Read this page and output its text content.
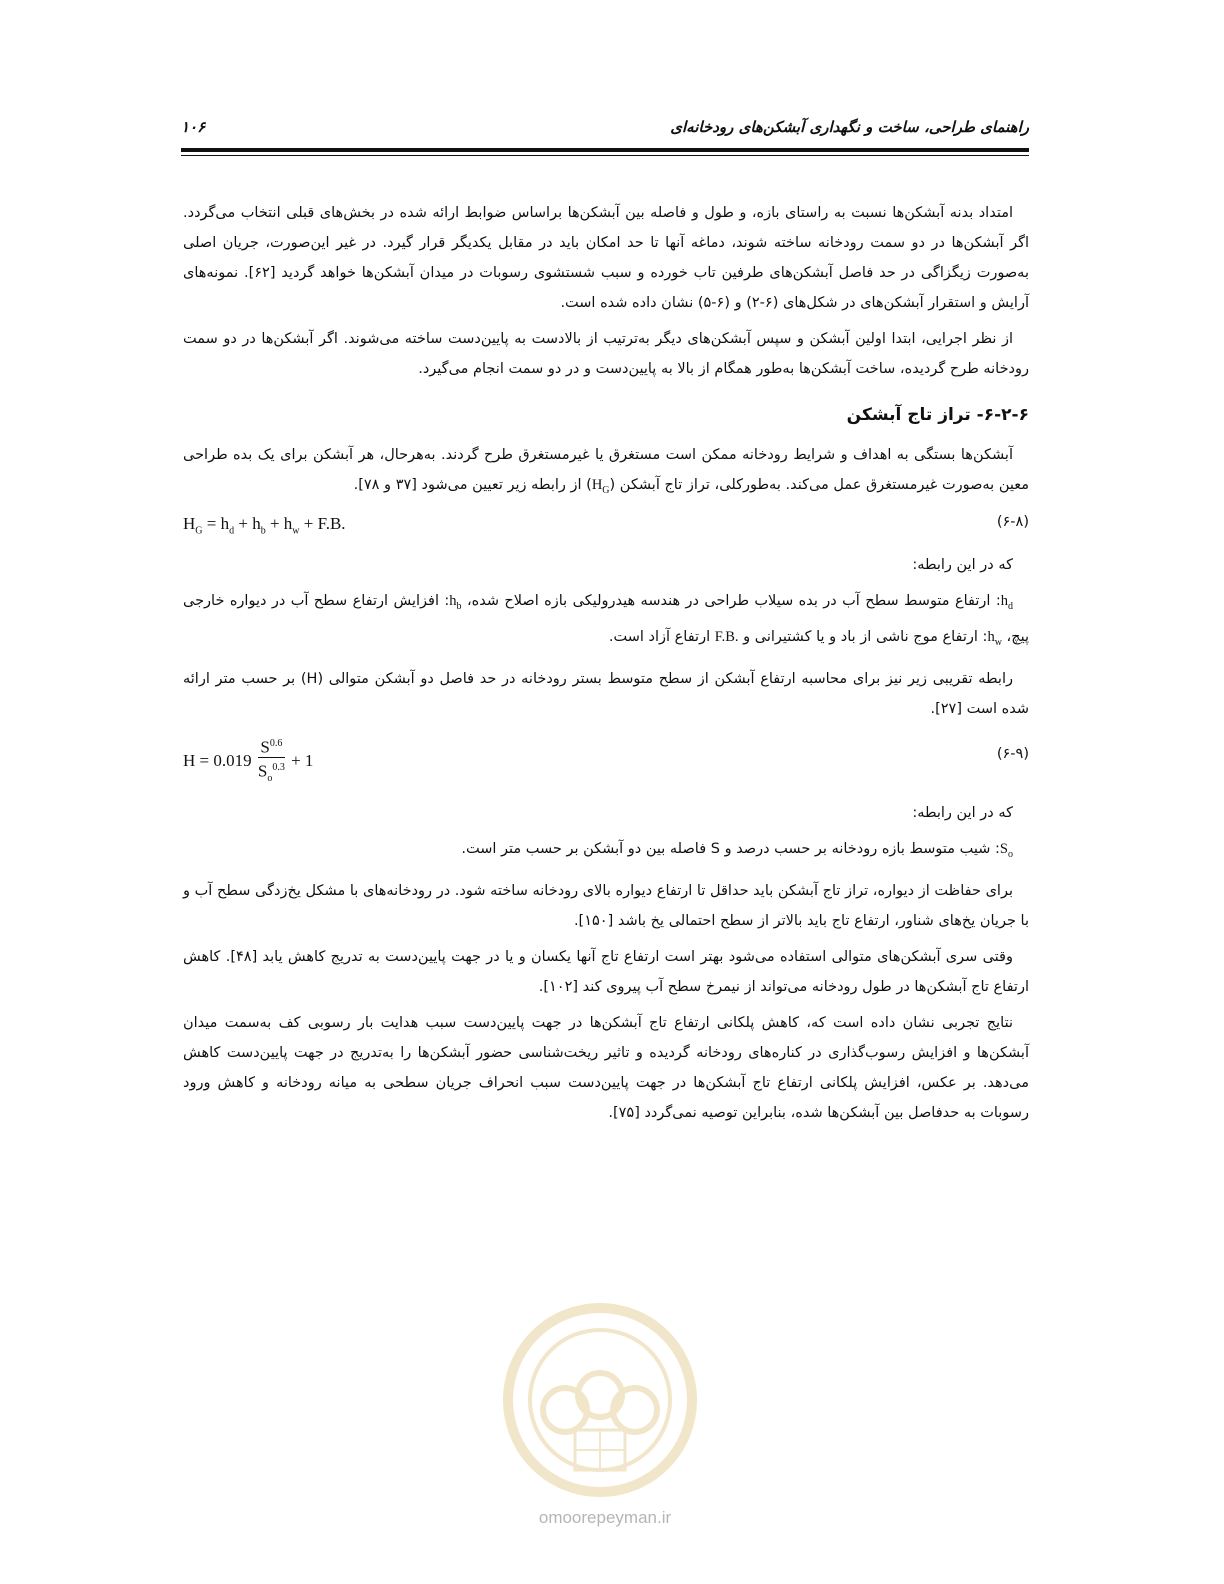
راهنمای طراحی، ساخت و نگهداری آبشکن‌های رودخانه‌ای
۱۰۶

امتداد بدنه آبشکن‌ها نسبت به راستای بازه، و طول و فاصله بین آبشکن‌ها براساس ضوابط ارائه شده در بخش‌های قبلی انتخاب می‌گردد. اگر آبشکن‌ها در دو سمت رودخانه ساخته شوند، دماغه آنها تا حد امکان باید در مقابل یکدیگر قرار گیرد. در غیر این‌صورت، جریان اصلی به‌صورت زیگزاگی در حد فاصل آبشکن‌های طرفین تاب خورده و سبب شستشوی رسوبات در میدان آبشکن‌ها خواهد گردید [۶۲]. نمونه‌های آرایش و استقرار آبشکن‌های در شکل‌های (۶-۲) و (۶-۵) نشان داده شده است.

از نظر اجرایی، ابتدا اولین آبشکن و سپس آبشکن‌های دیگر به‌ترتیب از بالادست به پایین‌دست ساخته می‌شوند. اگر آبشکن‌ها در دو سمت رودخانه طرح گردیده، ساخت آبشکن‌ها به‌طور همگام از بالا به پایین‌دست و در دو سمت انجام می‌گیرد.

۶-۲-۶- تراز تاج آبشکن

آبشکن‌ها بستگی به اهداف و شرایط رودخانه ممکن است مستغرق یا غیرمستغرق طرح گردند. به‌هرحال، هر آبشکن برای یک بده طراحی معین به‌صورت غیرمستغرق عمل می‌کند. به‌طورکلی، تراز تاج آبشکن $(H_G)$ از رابطه زیر تعیین می‌شود [۳۷ و ۷۸].

$H_G = h_d + h_b + h_w + F.B$.	(۶-۸)

که در این رابطه:

$h_d$: ارتفاع متوسط سطح آب در بده سیلاب طراحی در هندسه هیدرولیکی بازه اصلاح شده، $h_b$: افزایش ارتفاع سطح آب در دیواره خارجی پیچ، $h_w$: ارتفاع موج ناشی از باد و یا کشتیرانی و F.B. ارتفاع آزاد است.

رابطه تقریبی زیر نیز برای محاسبه ارتفاع آبشکن از سطح متوسط بستر رودخانه در حد فاصل دو آبشکن متوالی (H) بر حسب متر ارائه شده است [۲۷].

$H = 0.019 \frac{S^{0.6}}{S_o^{0.3}} + 1$	(۶-۹)

که در این رابطه:

$S_o$: شیب متوسط بازه رودخانه بر حسب درصد و S فاصله بین دو آبشکن بر حسب متر است.

برای حفاظت از دیواره، تراز تاج آبشکن باید حداقل تا ارتفاع دیواره بالای رودخانه ساخته شود. در رودخانه‌های با مشکل یخ‌زدگی سطح آب و با جریان یخ‌های شناور، ارتفاع تاج باید بالاتر از سطح احتمالی یخ باشد [۱۵۰].

وقتی سری آبشکن‌های متوالی استفاده می‌شود بهتر است ارتفاع تاج آنها یکسان و یا در جهت پایین‌دست به تدریج کاهش یابد [۴۸]. کاهش ارتفاع تاج آبشکن‌ها در طول رودخانه می‌تواند از نیمرخ سطح آب پیروی کند [۱۰۲].

نتایج تجربی نشان داده است که، کاهش پلکانی ارتفاع تاج آبشکن‌ها در جهت پایین‌دست سبب هدایت بار رسوبی کف به‌سمت میدان آبشکن‌ها و افزایش رسوب‌گذاری در کناره‌های رودخانه گردیده و تاثیر ریخت‌شناسی حضور آبشکن‌ها را به‌تدریج در جهت پایین‌دست کاهش می‌دهد. بر عکس، افزایش پلکانی ارتفاع تاج آبشکن‌ها در جهت پایین‌دست سبب انحراف جریان سطحی به میانه رودخانه و کاهش ورود رسوبات به حدفاصل بین آبشکن‌ها شده، بنابراین توصیه نمی‌گردد [۷۵].

omoorepeyman.ir
